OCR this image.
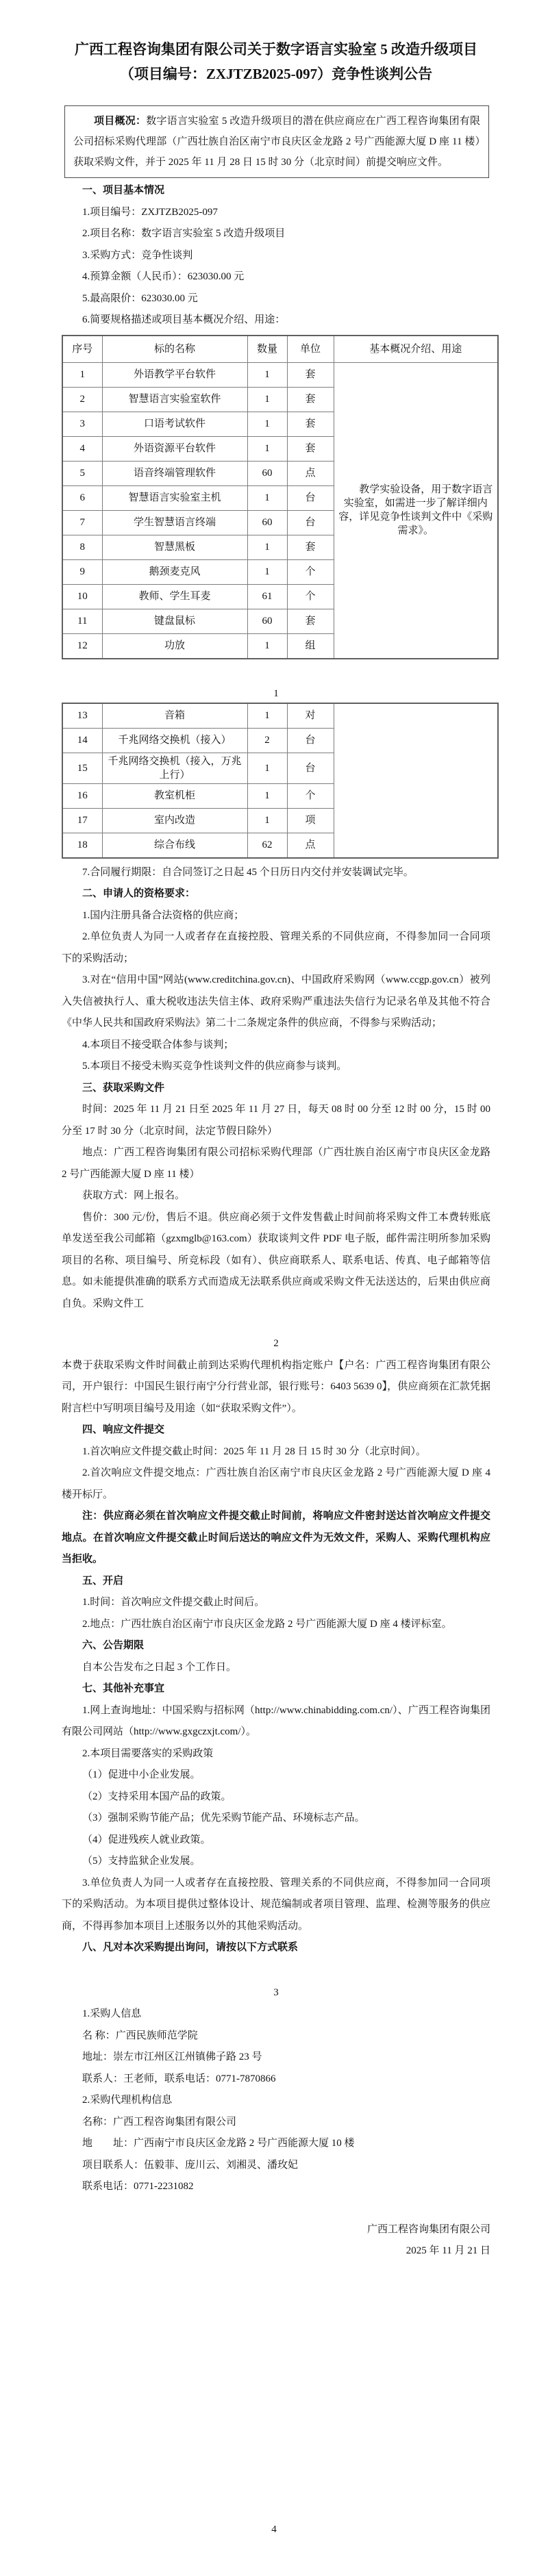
广西工程咨询集团有限公司关于数字语言实验室 5 改造升级项目
（项目编号：ZXJTZB2025-097）竞争性谈判公告

项目概况：数字语言实验室 5 改造升级项目的潜在供应商应在广西工程咨询集团有限公司招标采购代理部（广西壮族自治区南宁市良庆区金龙路 2 号广西能源大厦 D 座 11 楼）获取采购文件，并于 2025 年 11 月 28 日 15 时 30 分（北京时间）前提交响应文件。

一、项目基本情况

1.项目编号：ZXJTZB2025-097

2.项目名称：数字语言实验室 5 改造升级项目

3.采购方式：竞争性谈判

4.预算金额（人民币）：623030.00 元

5.最高限价：623030.00 元

6.简要规格描述或项目基本概况介绍、用途：

序号	标的名称	数量	单位	基本概况介绍、用途
1	外语教学平台软件	1	套	教学实验设备，用于数字语言实验室，如需进一步了解详细内容，详见竞争性谈判文件中《采购需求》。
2	智慧语言实验室软件	1	套	
3	口语考试软件	1	套	
4	外语资源平台软件	1	套	
5	语音终端管理软件	60	点	
6	智慧语言实验室主机	1	台	
7	学生智慧语言终端	60	台	
8	智慧黑板	1	套	
9	鹅颈麦克风	1	个	
10	教师、学生耳麦	61	个	
11	键盘鼠标	60	套	
12	功放	1	组	

1

13	音箱	1	对	
14	千兆网络交换机（接入）	2	台	
15	千兆网络交换机（接入，万兆上行）	1	台	
16	教室机柜	1	个	
17	室内改造	1	项	
18	综合布线	62	点	

7.合同履行期限：自合同签订之日起 45 个日历日内交付并安装调试完毕。

二、申请人的资格要求：

1.国内注册具备合法资格的供应商；

2.单位负责人为同一人或者存在直接控股、管理关系的不同供应商，不得参加同一合同项下的采购活动；

3.对在“信用中国”网站(www.creditchina.gov.cn)、中国政府采购网（www.ccgp.gov.cn）被列入失信被执行人、重大税收违法失信主体、政府采购严重违法失信行为记录名单及其他不符合《中华人民共和国政府采购法》第二十二条规定条件的供应商，不得参与采购活动；

4.本项目不接受联合体参与谈判；

5.本项目不接受未购买竞争性谈判文件的供应商参与谈判。

三、获取采购文件

时间：2025 年 11 月 21 日至 2025 年 11 月 27 日，每天 08 时 00 分至 12 时 00 分，15 时 00 分至 17 时 30 分（北京时间，法定节假日除外）

地点：广西工程咨询集团有限公司招标采购代理部（广西壮族自治区南宁市良庆区金龙路 2 号广西能源大厦 D 座 11 楼）

获取方式：网上报名。

售价：300 元/份，售后不退。供应商必须于文件发售截止时间前将采购文件工本费转账底单发送至我公司邮箱（gzxmglb@163.com）获取谈判文件 PDF 电子版，邮件需注明所参加采购项目的名称、项目编号、所竞标段（如有）、供应商联系人、联系电话、传真、电子邮箱等信息。如未能提供准确的联系方式而造成无法联系供应商或采购文件无法送达的，后果由供应商自负。采购文件工

2

本费于获取采购文件时间截止前到达采购代理机构指定账户【户名：广西工程咨询集团有限公司，开户银行：中国民生银行南宁分行营业部，银行账号：6403 5639 0】，供应商须在汇款凭据附言栏中写明项目编号及用途（如“获取采购文件”）。

四、响应文件提交

1.首次响应文件提交截止时间：2025 年 11 月 28 日 15 时 30 分（北京时间）。

2.首次响应文件提交地点：广西壮族自治区南宁市良庆区金龙路 2 号广西能源大厦 D 座 4 楼开标厅。

注：供应商必须在首次响应文件提交截止时间前，将响应文件密封送达首次响应文件提交地点。在首次响应文件提交截止时间后送达的响应文件为无效文件，采购人、采购代理机构应当拒收。

五、开启

1.时间：首次响应文件提交截止时间后。

2.地点：广西壮族自治区南宁市良庆区金龙路 2 号广西能源大厦 D 座 4 楼评标室。

六、公告期限

自本公告发布之日起 3 个工作日。

七、其他补充事宜

1.网上查询地址：中国采购与招标网（http://www.chinabidding.com.cn/）、广西工程咨询集团有限公司网站（http://www.gxgczxjt.com/）。

2.本项目需要落实的采购政策

（1）促进中小企业发展。

（2）支持采用本国产品的政策。

（3）强制采购节能产品；优先采购节能产品、环境标志产品。

（4）促进残疾人就业政策。

（5）支持监狱企业发展。

3.单位负责人为同一人或者存在直接控股、管理关系的不同供应商，不得参加同一合同项下的采购活动。为本项目提供过整体设计、规范编制或者项目管理、监理、检测等服务的供应商，不得再参加本项目上述服务以外的其他采购活动。

八、凡对本次采购提出询问，请按以下方式联系

3

1.采购人信息

名 称：广西民族师范学院

地址：崇左市江州区江州镇佛子路 23 号

联系人：王老师，联系电话：0771-7870866

2.采购代理机构信息

名称：广西工程咨询集团有限公司

地　　址：广西南宁市良庆区金龙路 2 号广西能源大厦 10 楼

项目联系人：伍毅菲、庞川云、刘湘灵、潘玫妃

联系电话：0771-2231082

广西工程咨询集团有限公司

2025 年 11 月 21 日

4
